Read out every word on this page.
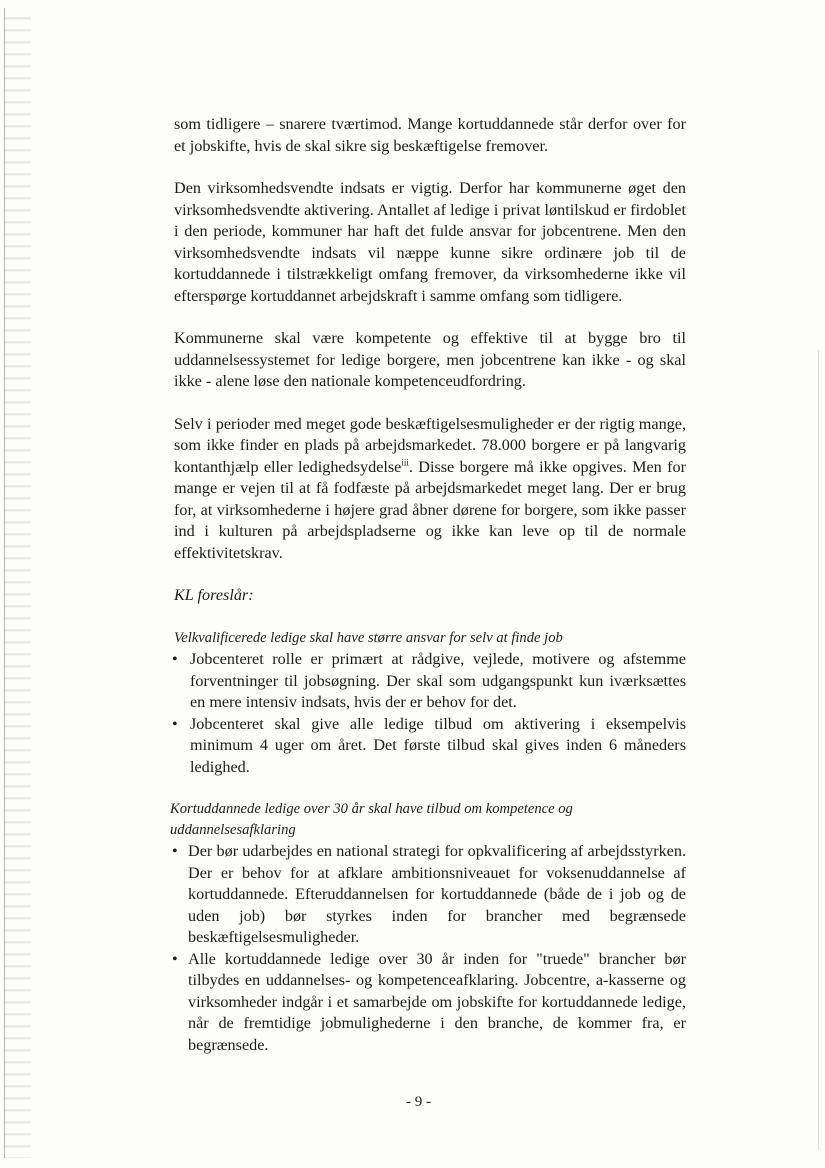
som tidligere – snarere tværtimod. Mange kortuddannede står derfor over for et jobskifte, hvis de skal sikre sig beskæftigelse fremover.

Den virksomhedsvendte indsats er vigtig. Derfor har kommunerne øget den virksomhedsvendte aktivering. Antallet af ledige i privat løntilskud er firdoblet i den periode, kommuner har haft det fulde ansvar for jobcentrene. Men den virksomhedsvendte indsats vil næppe kunne sikre ordinære job til de kortuddannede i tilstrækkeligt omfang fremover, da virksomhederne ikke vil efterspørge kortuddannet arbejdskraft i samme omfang som tidligere.

Kommunerne skal være kompetente og effektive til at bygge bro til uddannelsessystemet for ledige borgere, men jobcentrene kan ikke - og skal ikke - alene løse den nationale kompetenceudfordring.

Selv i perioder med meget gode beskæftigelsesmuligheder er der rigtig mange, som ikke finder en plads på arbejdsmarkedet. 78.000 borgere er på langvarig kontanthjælp eller ledighedsydelse$^{iii}$. Disse borgere må ikke opgives. Men for mange er vejen til at få fodfæste på arbejdsmarkedet meget lang. Der er brug for, at virksomhederne i højere grad åbner dørene for borgere, som ikke passer ind i kulturen på arbejdspladserne og ikke kan leve op til de normale effektivitetskrav.

KL foreslår:

Velkvalificerede ledige skal have større ansvar for selv at finde job

• Jobcenteret rolle er primært at rådgive, vejlede, motivere og afstemme forventninger til jobsøgning. Der skal som udgangspunkt kun iværksættes en mere intensiv indsats, hvis der er behov for det.
• Jobcenteret skal give alle ledige tilbud om aktivering i eksempelvis minimum 4 uger om året. Det første tilbud skal gives inden 6 måneders ledighed.

Kortuddannede ledige over 30 år skal have tilbud om kompetence og uddannelsesafklaring

• Der bør udarbejdes en national strategi for opkvalificering af arbejdsstyrken. Der er behov for at afklare ambitionsniveauet for voksenuddannelse af kortuddannede. Efteruddannelsen for kortuddannede (både de i job og de uden job) bør styrkes inden for brancher med begrænsede beskæftigelsesmuligheder.
• Alle kortuddannede ledige over 30 år inden for "truede" brancher bør tilbydes en uddannelses- og kompetenceafklaring. Jobcentre, a-kasserne og virksomheder indgår i et samarbejde om jobskifte for kortuddannede ledige, når de fremtidige jobmulighederne i den branche, de kommer fra, er begrænsede.
- 9 -
